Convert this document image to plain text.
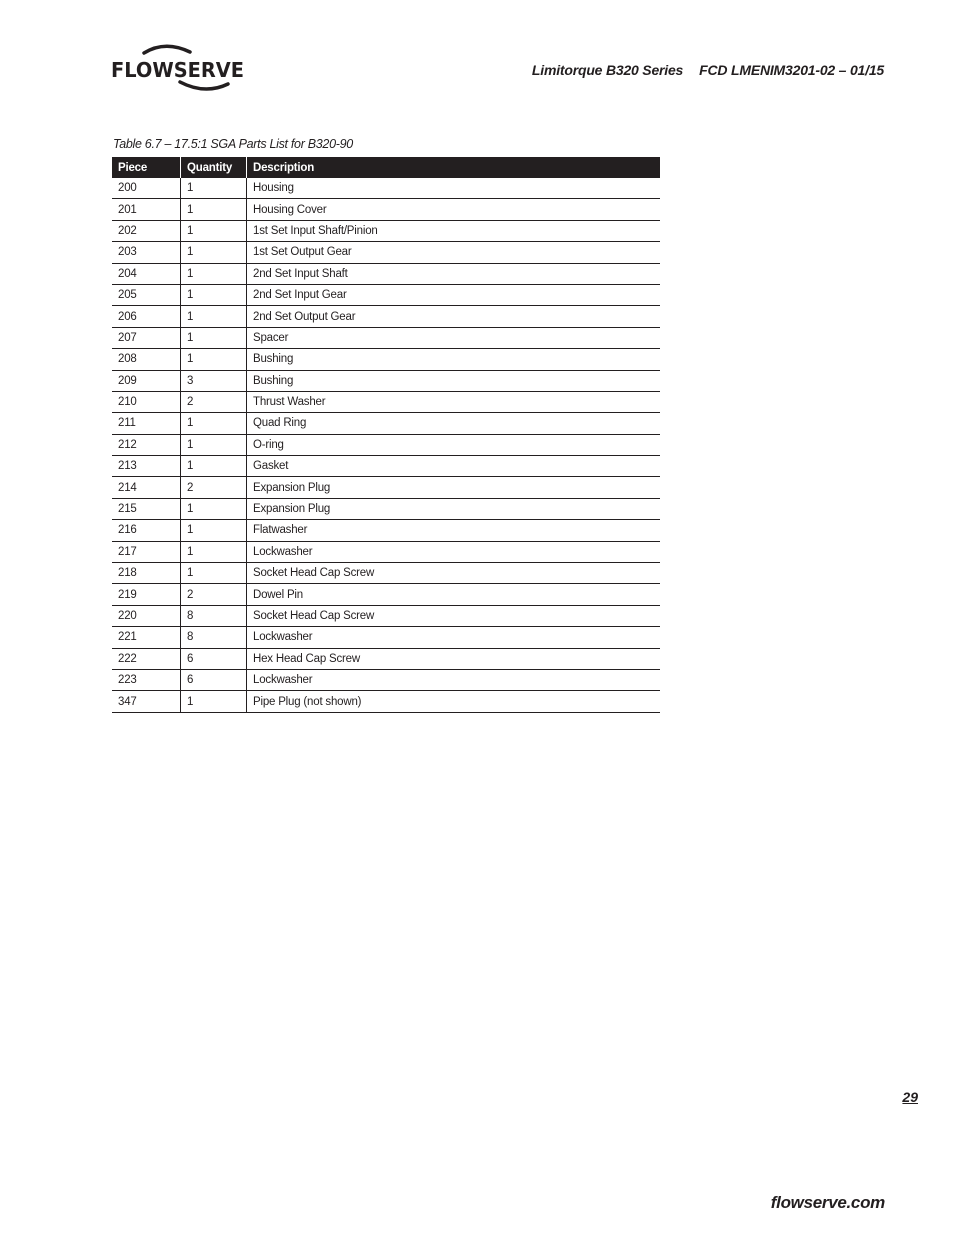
FLOWSERVE	Limitorque B320 Series FCD LMENIM3201-02 – 01/15
Table 6.7 – 17.5:1 SGA Parts List for B320-90
Piece	Quantity	Description
200	1	Housing
201	1	Housing Cover
202	1	1st Set Input Shaft/Pinion
203	1	1st Set Output Gear
204	1	2nd Set Input Shaft
205	1	2nd Set Input Gear
206	1	2nd Set Output Gear
207	1	Spacer
208	1	Bushing
209	3	Bushing
210	2	Thrust Washer
211	1	Quad Ring
212	1	O-ring
213	1	Gasket
214	2	Expansion Plug
215	1	Expansion Plug
216	1	Flatwasher
217	1	Lockwasher
218	1	Socket Head Cap Screw
219	2	Dowel Pin
220	8	Socket Head Cap Screw
221	8	Lockwasher
222	6	Hex Head Cap Screw
223	6	Lockwasher
347	1	Pipe Plug (not shown)
29
flowserve.com
